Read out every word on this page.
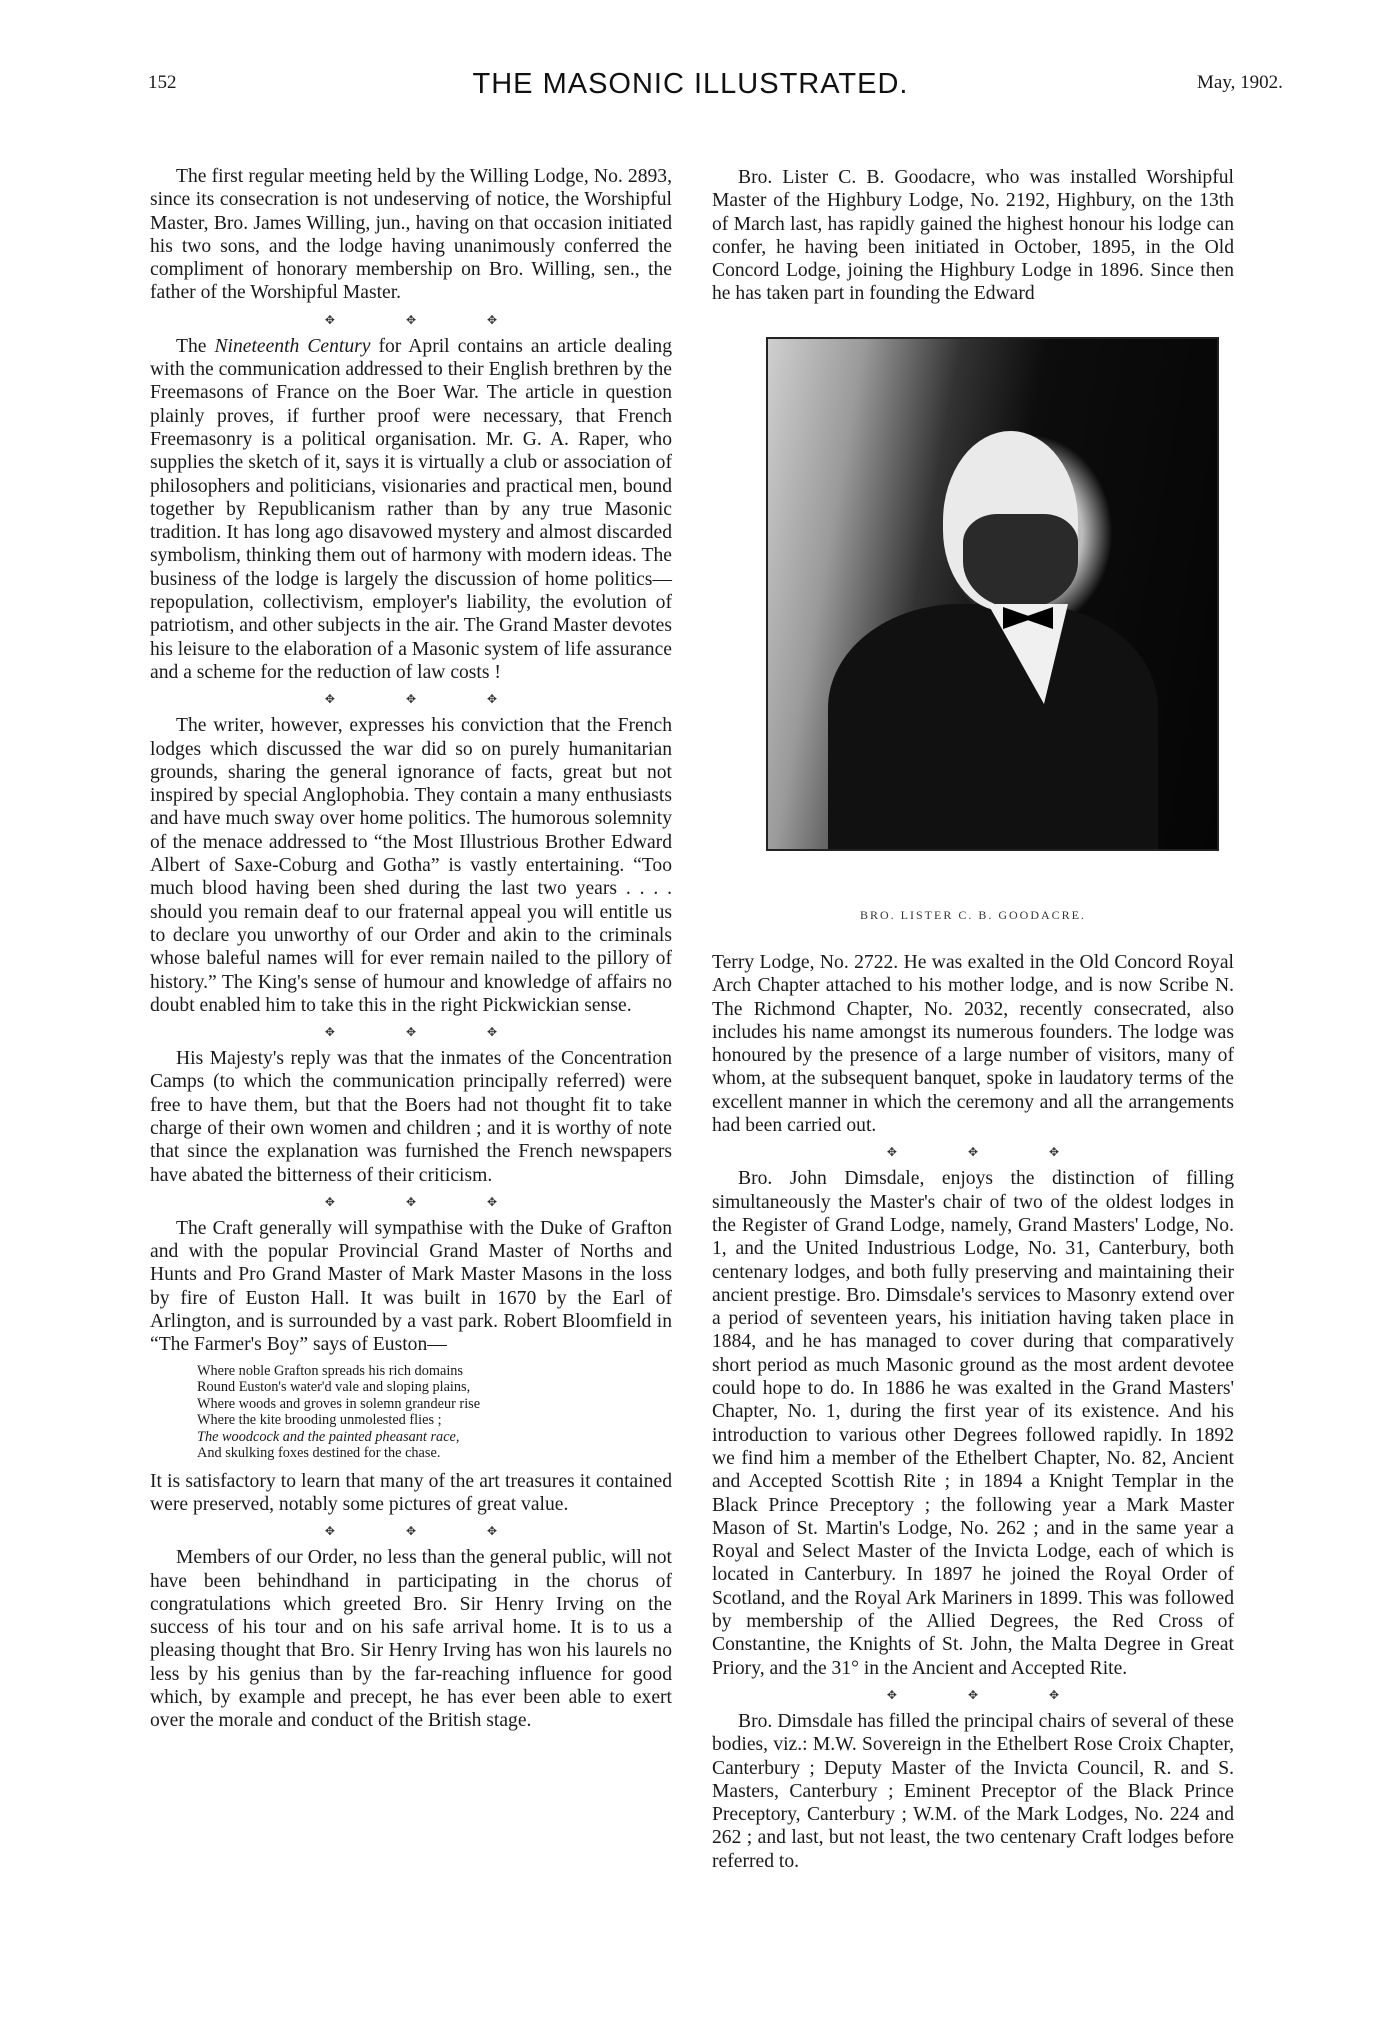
152	THE MASONIC ILLUSTRATED.	May, 1902.

The first regular meeting held by the Willing Lodge, No. 2893, since its consecration is not undeserving of notice, the Worshipful Master, Bro. James Willing, jun., having on that occasion initiated his two sons, and the lodge having unanimously conferred the compliment of honorary membership on Bro. Willing, sen., the father of the Worshipful Master.

✥ ✥ ✥

The Nineteenth Century for April contains an article dealing with the communication addressed to their English brethren by the Freemasons of France on the Boer War. The article in question plainly proves, if further proof were necessary, that French Freemasonry is a political organisation. Mr. G. A. Raper, who supplies the sketch of it, says it is virtually a club or association of philosophers and politicians, visionaries and practical men, bound together by Republicanism rather than by any true Masonic tradition. It has long ago disavowed mystery and almost discarded symbolism, thinking them out of harmony with modern ideas. The business of the lodge is largely the discussion of home politics—repopulation, collectivism, employer's liability, the evolution of patriotism, and other subjects in the air. The Grand Master devotes his leisure to the elaboration of a Masonic system of life assurance and a scheme for the reduction of law costs !

✥ ✥ ✥

The writer, however, expresses his conviction that the French lodges which discussed the war did so on purely humanitarian grounds, sharing the general ignorance of facts, great but not inspired by special Anglophobia. They contain a many enthusiasts and have much sway over home politics. The humorous solemnity of the menace addressed to “the Most Illustrious Brother Edward Albert of Saxe-Coburg and Gotha” is vastly entertaining. “Too much blood having been shed during the last two years . . . . should you remain deaf to our fraternal appeal you will entitle us to declare you unworthy of our Order and akin to the criminals whose baleful names will for ever remain nailed to the pillory of history.” The King's sense of humour and knowledge of affairs no doubt enabled him to take this in the right Pickwickian sense.

✥ ✥ ✥

His Majesty's reply was that the inmates of the Concentration Camps (to which the communication principally referred) were free to have them, but that the Boers had not thought fit to take charge of their own women and children ; and it is worthy of note that since the explanation was furnished the French newspapers have abated the bitterness of their criticism.

✥ ✥ ✥

The Craft generally will sympathise with the Duke of Grafton and with the popular Provincial Grand Master of Norths and Hunts and Pro Grand Master of Mark Master Masons in the loss by fire of Euston Hall. It was built in 1670 by the Earl of Arlington, and is surrounded by a vast park. Robert Bloomfield in “The Farmer's Boy” says of Euston—

Where noble Grafton spreads his rich domains
Round Euston's water'd vale and sloping plains,
Where woods and groves in solemn grandeur rise
Where the kite brooding unmolested flies ;
The woodcock and the painted pheasant race,
And skulking foxes destined for the chase.

It is satisfactory to learn that many of the art treasures it contained were preserved, notably some pictures of great value.

✥ ✥ ✥

Members of our Order, no less than the general public, will not have been behindhand in participating in the chorus of congratulations which greeted Bro. Sir Henry Irving on the success of his tour and on his safe arrival home. It is to us a pleasing thought that Bro. Sir Henry Irving has won his laurels no less by his genius than by the far-reaching influence for good which, by example and precept, he has ever been able to exert over the morale and conduct of the British stage.

Bro. Lister C. B. Goodacre, who was installed Worshipful Master of the Highbury Lodge, No. 2192, Highbury, on the 13th of March last, has rapidly gained the highest honour his lodge can confer, he having been initiated in October, 1895, in the Old Concord Lodge, joining the Highbury Lodge in 1896. Since then he has taken part in founding the Edward

BRO. LISTER C. B. GOODACRE.

Terry Lodge, No. 2722. He was exalted in the Old Concord Royal Arch Chapter attached to his mother lodge, and is now Scribe N. The Richmond Chapter, No. 2032, recently consecrated, also includes his name amongst its numerous founders. The lodge was honoured by the presence of a large number of visitors, many of whom, at the subsequent banquet, spoke in laudatory terms of the excellent manner in which the ceremony and all the arrangements had been carried out.

✥ ✥ ✥

Bro. John Dimsdale, enjoys the distinction of filling simultaneously the Master's chair of two of the oldest lodges in the Register of Grand Lodge, namely, Grand Masters' Lodge, No. 1, and the United Industrious Lodge, No. 31, Canterbury, both centenary lodges, and both fully preserving and maintaining their ancient prestige. Bro. Dimsdale's services to Masonry extend over a period of seventeen years, his initiation having taken place in 1884, and he has managed to cover during that comparatively short period as much Masonic ground as the most ardent devotee could hope to do. In 1886 he was exalted in the Grand Masters' Chapter, No. 1, during the first year of its existence. And his introduction to various other Degrees followed rapidly. In 1892 we find him a member of the Ethelbert Chapter, No. 82, Ancient and Accepted Scottish Rite ; in 1894 a Knight Templar in the Black Prince Preceptory ; the following year a Mark Master Mason of St. Martin's Lodge, No. 262 ; and in the same year a Royal and Select Master of the Invicta Lodge, each of which is located in Canterbury. In 1897 he joined the Royal Order of Scotland, and the Royal Ark Mariners in 1899. This was followed by membership of the Allied Degrees, the Red Cross of Constantine, the Knights of St. John, the Malta Degree in Great Priory, and the 31° in the Ancient and Accepted Rite.

✥ ✥ ✥

Bro. Dimsdale has filled the principal chairs of several of these bodies, viz.: M.W. Sovereign in the Ethelbert Rose Croix Chapter, Canterbury ; Deputy Master of the Invicta Council, R. and S. Masters, Canterbury ; Eminent Preceptor of the Black Prince Preceptory, Canterbury ; W.M. of the Mark Lodges, No. 224 and 262 ; and last, but not least, the two centenary Craft lodges before referred to.
